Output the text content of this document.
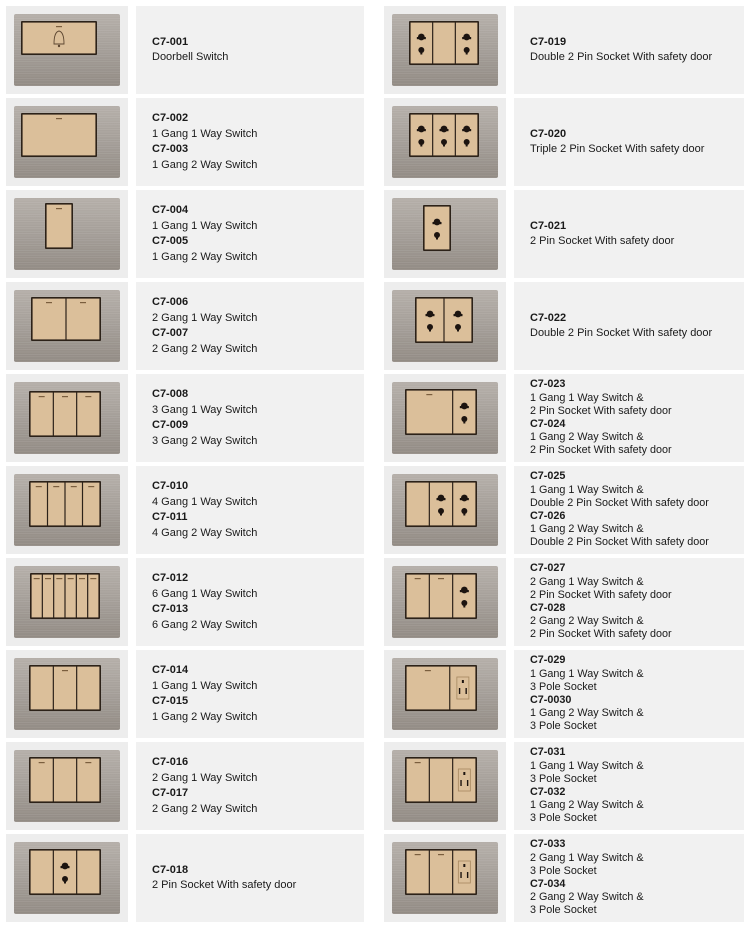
C7-001
Doorbell Switch
C7-002
1 Gang 1 Way Switch
C7-003
1 Gang 2 Way Switch
C7-004
1 Gang 1 Way Switch
C7-005
1 Gang 2 Way Switch
C7-006
2 Gang 1 Way Switch
C7-007
2 Gang 2 Way Switch
C7-008
3 Gang 1 Way Switch
C7-009
3 Gang 2 Way Switch
C7-010
4 Gang 1 Way Switch
C7-011
4 Gang 2 Way Switch
C7-012
6 Gang 1 Way Switch
C7-013
6 Gang 2 Way Switch
C7-014
1 Gang 1 Way Switch
C7-015
1 Gang 2 Way Switch
C7-016
2 Gang 1 Way Switch
C7-017
2 Gang 2 Way Switch
C7-018
2 Pin Socket With safety door
C7-019
Double 2 Pin Socket With safety door
C7-020
Triple 2 Pin Socket With safety door
C7-021
2 Pin Socket With safety door
C7-022
Double 2 Pin Socket With safety door
C7-023
1 Gang 1 Way Switch &
2 Pin Socket With safety door
C7-024
1 Gang 2 Way Switch &
2 Pin Socket With safety door
C7-025
1 Gang 1 Way Switch &
Double 2 Pin Socket With safety door
C7-026
1 Gang 2 Way Switch &
Double 2 Pin Socket With safety door
C7-027
2 Gang 1 Way Switch &
2 Pin Socket With safety door
C7-028
2 Gang 2 Way Switch &
2 Pin Socket With safety door
C7-029
1 Gang 1 Way Switch &
3 Pole Socket
C7-0030
1 Gang 2 Way Switch &
3 Pole Socket
C7-031
1 Gang 1 Way Switch &
3 Pole Socket
C7-032
1 Gang 2 Way Switch &
3 Pole Socket
C7-033
2 Gang 1 Way Switch &
3 Pole Socket
C7-034
2 Gang 2 Way Switch &
3 Pole Socket
